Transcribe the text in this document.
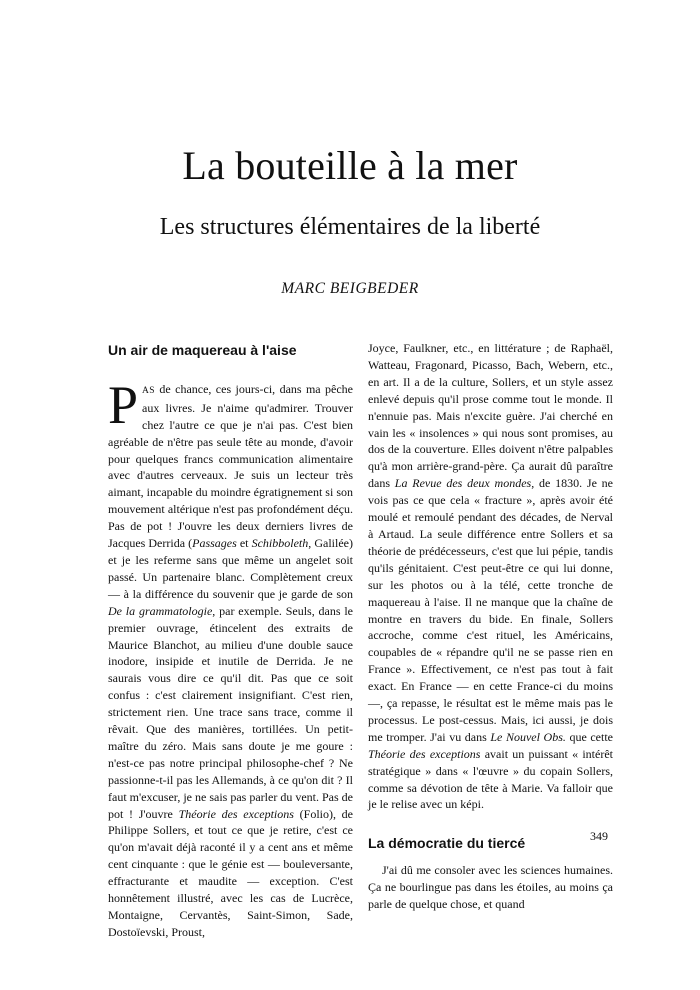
La bouteille à la mer
Les structures élémentaires de la liberté
MARC BEIGBEDER
Un air de maquereau à l'aise

PAS de chance, ces jours-ci, dans ma pêche aux livres. Je n'aime qu'admirer. Trouver chez l'autre ce que je n'ai pas. C'est bien agréable de n'être pas seule tête au monde, d'avoir pour quelques francs communication alimentaire avec d'autres cerveaux. Je suis un lecteur très aimant, incapable du moindre égratignement si son mouvement altérique n'est pas profondément déçu. Pas de pot ! J'ouvre les deux derniers livres de Jacques Derrida (Passages et Schibboleth, Galilée) et je les referme sans que même un angelet soit passé. Un partenaire blanc. Complètement creux — à la différence du souvenir que je garde de son De la grammatologie, par exemple. Seuls, dans le premier ouvrage, étincelent des extraits de Maurice Blanchot, au milieu d'une double sauce inodore, insipide et inutile de Derrida. Je ne saurais vous dire ce qu'il dit. Pas que ce soit confus : c'est clairement insignifiant. C'est rien, strictement rien. Une trace sans trace, comme il rêvait. Que des manières, tortillées. Un petit-maître du zéro. Mais sans doute je me goure : n'est-ce pas notre principal philosophe-chef ? Ne passionne-t-il pas les Allemands, à ce qu'on dit ? Il faut m'excuser, je ne sais pas parler du vent. Pas de pot ! J'ouvre Théorie des exceptions (Folio), de Philippe Sollers, et tout ce que je retire, c'est ce qu'on m'avait déjà raconté il y a cent ans et même cent cinquante : que le génie est — bouleversante, effracturante et maudite — exception. C'est honnêtement illustré, avec les cas de Lucrèce, Montaigne, Cervantès, Saint-Simon, Sade, Dostoïevski, Proust,

Joyce, Faulkner, etc., en littérature ; de Raphaël, Watteau, Fragonard, Picasso, Bach, Webern, etc., en art. Il a de la culture, Sollers, et un style assez enlevé depuis qu'il prose comme tout le monde. Il n'ennuie pas. Mais n'excite guère. J'ai cherché en vain les « insolences » qui nous sont promises, au dos de la couverture. Elles doivent n'être palpables qu'à mon arrière-grand-père. Ça aurait dû paraître dans La Revue des deux mondes, de 1830. Je ne vois pas ce que cela « fracture », après avoir été moulé et remoulé pendant des décades, de Nerval à Artaud. La seule différence entre Sollers et sa théorie de prédécesseurs, c'est que lui pépie, tandis qu'ils génitaient. C'est peut-être ce qui lui donne, sur les photos ou à la télé, cette tronche de maquereau à l'aise. Il ne manque que la chaîne de montre en travers du bide. En finale, Sollers accroche, comme c'est rituel, les Américains, coupables de « répandre qu'il ne se passe rien en France ». Effectivement, ce n'est pas tout à fait exact. En France — en cette France-ci du moins —, ça repasse, le résultat est le même mais pas le processus. Le post-cessus. Mais, ici aussi, je dois me tromper. J'ai vu dans Le Nouvel Obs. que cette Théorie des exceptions avait un puissant « intérêt stratégique » dans « l'œuvre » du copain Sollers, comme sa dévotion de tête à Marie. Va falloir que je le relise avec un képi.

La démocratie du tiercé

J'ai dû me consoler avec les sciences humaines. Ça ne bourlingue pas dans les étoiles, au moins ça parle de quelque chose, et quand

349
